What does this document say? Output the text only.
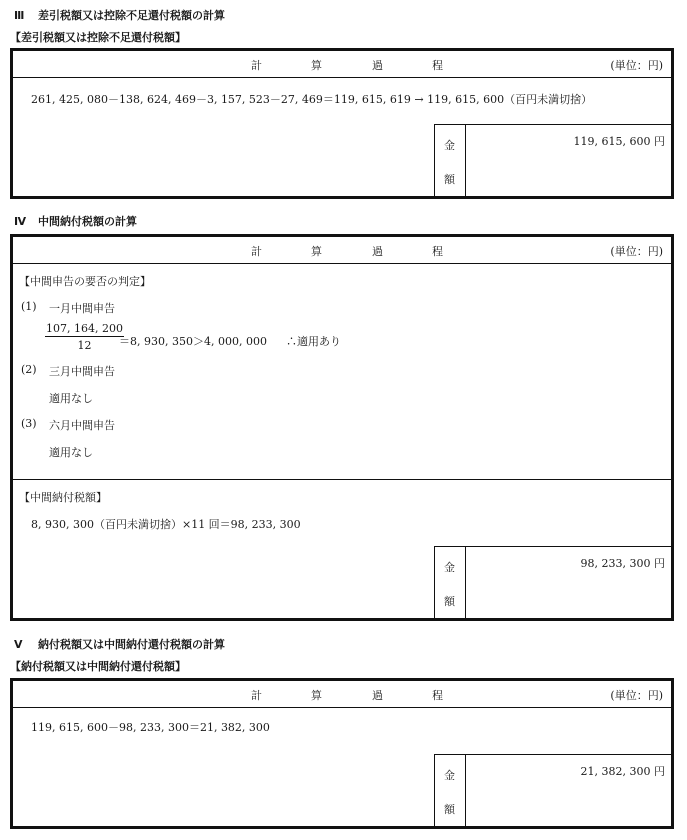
Ⅲ 差引税額又は控除不足還付税額の計算
【差引税額又は控除不足還付税額】
計	算	過	程	(単位：円)
261, 425, 080－138, 624, 469－3, 157, 523－27, 469＝119, 615, 619 → 119, 615, 600（百円未満切捨）
金
額
119, 615, 600 円
Ⅳ 中間納付税額の計算
計	算	過	程	(単位：円)
【中間申告の要否の判定】
(1) 一月中間申告
$\frac{107, 164, 200}{12}$
＝8, 930, 350＞4, 000, 000 ∴適用あり
(2) 三月中間申告
適用なし
(3) 六月中間申告
適用なし
【中間納付税額】
8, 930, 300（百円未満切捨）×11 回＝98, 233, 300
金
額
98, 233, 300 円
Ⅴ 納付税額又は中間納付還付税額の計算
【納付税額又は中間納付還付税額】
計	算	過	程	(単位：円)
119, 615, 600－98, 233, 300＝21, 382, 300
金
額
21, 382, 300 円
